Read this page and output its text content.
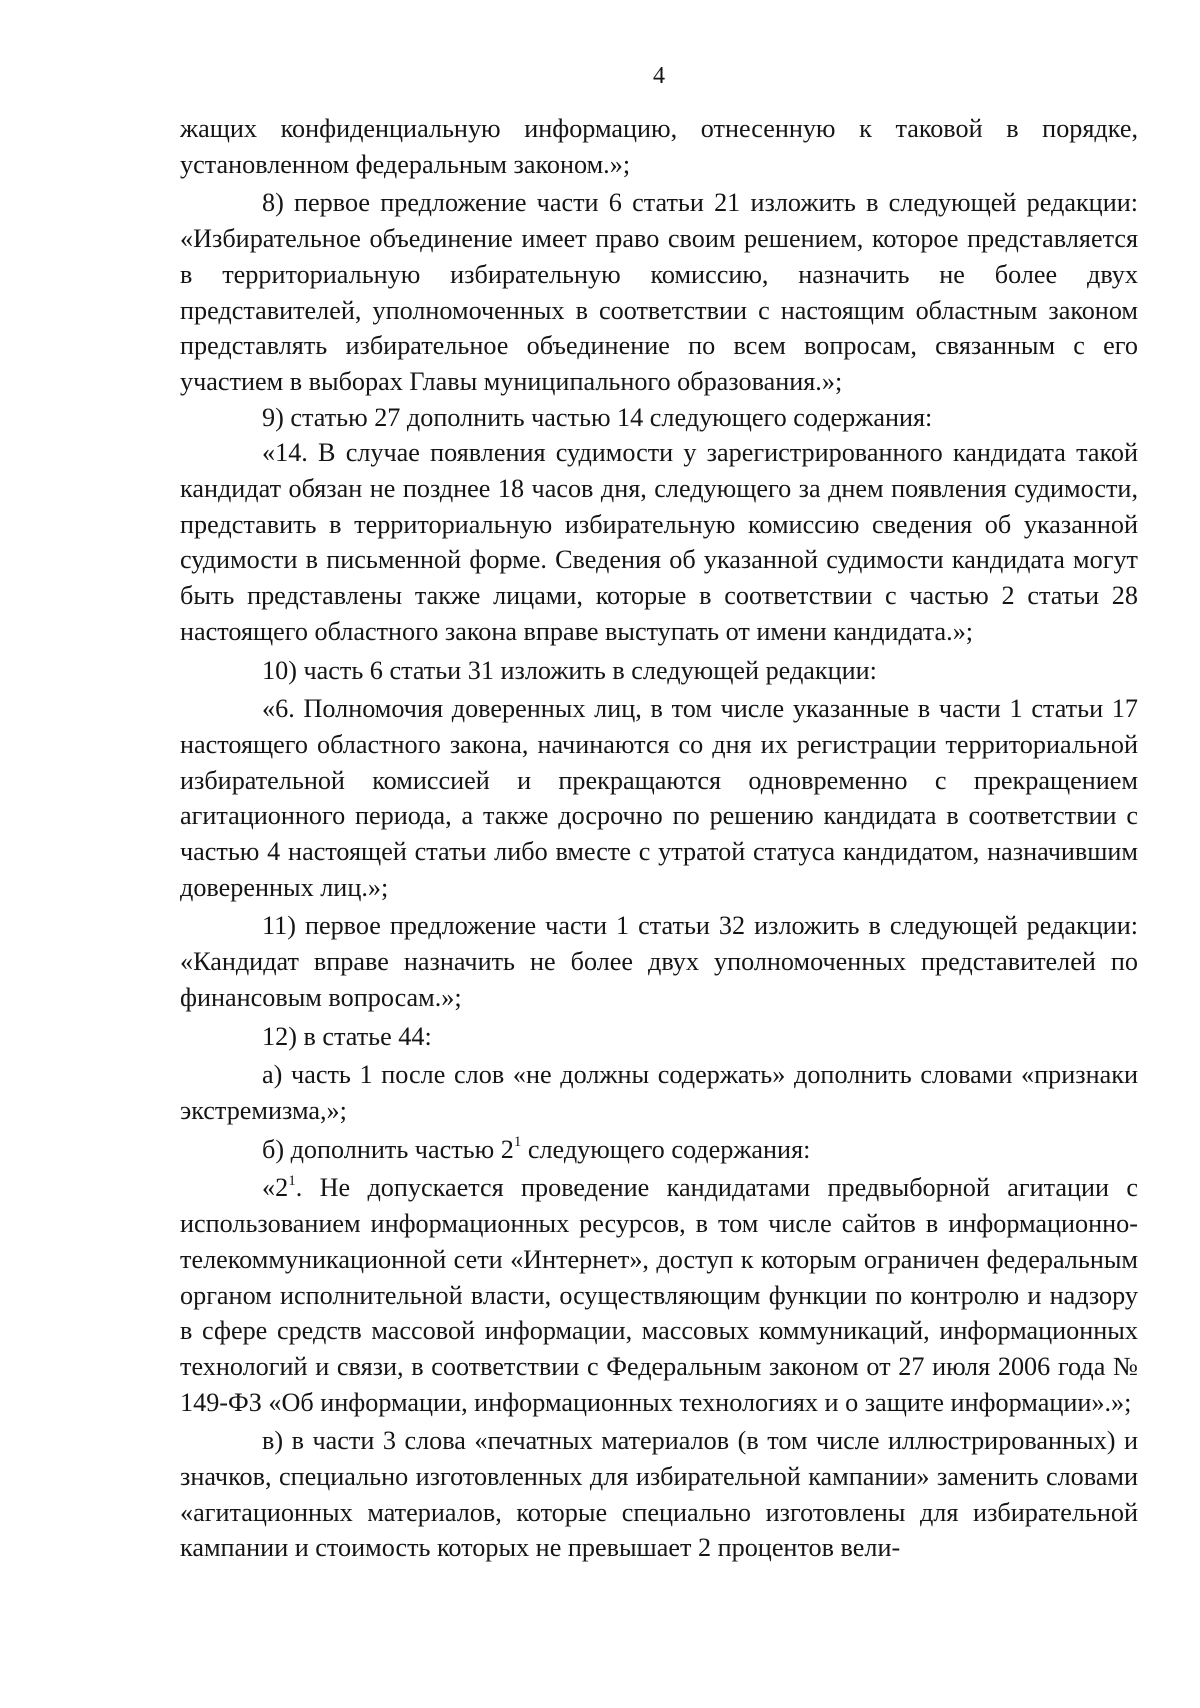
4

жащих конфиденциальную информацию, отнесенную к таковой в порядке, установленном федеральным законом.»;

8) первое предложение части 6 статьи 21 изложить в следующей редакции: «Избирательное объединение имеет право своим решением, которое представляется в территориальную избирательную комиссию, назначить не более двух представителей, уполномоченных в соответствии с настоящим областным законом представлять избирательное объединение по всем вопросам, связанным с его участием в выборах Главы муниципального образования.»;

9) статью 27 дополнить частью 14 следующего содержания:

«14. В случае появления судимости у зарегистрированного кандидата такой кандидат обязан не позднее 18 часов дня, следующего за днем появления судимости, представить в территориальную избирательную комиссию сведения об указанной судимости в письменной форме. Сведения об указанной судимости кандидата могут быть представлены также лицами, которые в соответствии с частью 2 статьи 28 настоящего областного закона вправе выступать от имени кандидата.»;

10) часть 6 статьи 31 изложить в следующей редакции:

«6. Полномочия доверенных лиц, в том числе указанные в части 1 статьи 17 настоящего областного закона, начинаются со дня их регистрации территориальной избирательной комиссией и прекращаются одновременно с прекращением агитационного периода, а также досрочно по решению кандидата в соответствии с частью 4 настоящей статьи либо вместе с утратой статуса кандидатом, назначившим доверенных лиц.»;

11) первое предложение части 1 статьи 32 изложить в следующей редакции: «Кандидат вправе назначить не более двух уполномоченных представителей по финансовым вопросам.»;

12) в статье 44:

а) часть 1 после слов «не должны содержать» дополнить словами «признаки экстремизма,»;

б) дополнить частью $2^1$ следующего содержания:

«$2^1$. Не допускается проведение кандидатами предвыборной агитации с использованием информационных ресурсов, в том числе сайтов в информационно-телекоммуникационной сети «Интернет», доступ к которым ограничен федеральным органом исполнительной власти, осуществляющим функции по контролю и надзору в сфере средств массовой информации, массовых коммуникаций, информационных технологий и связи, в соответствии с Федеральным законом от 27 июля 2006 года № 149-ФЗ «Об информации, информационных технологиях и о защите информации».»;

в) в части 3 слова «печатных материалов (в том числе иллюстрированных) и значков, специально изготовленных для избирательной кампании» заменить словами «агитационных материалов, которые специально изготовлены для избирательной кампании и стоимость которых не превышает 2 процентов вели-
